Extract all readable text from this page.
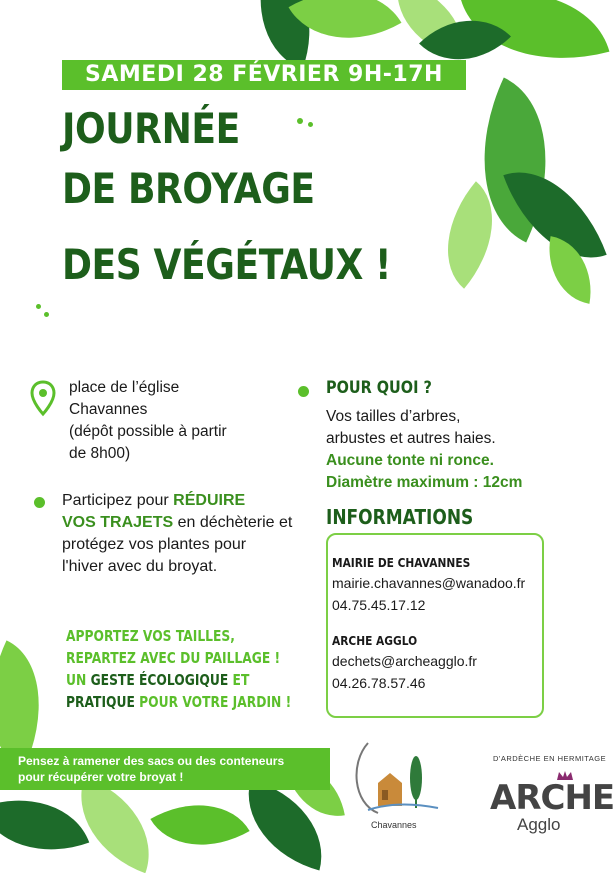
SAMEDI 28 FÉVRIER 9H-17H
JOURNÉE
DE BROYAGE
DES VÉGÉTAUX !
place de l’église
Chavannes
(dépôt possible à partir
de 8h00)
Participez pour RÉDUIRE
VOS TRAJETS en déchèterie et
protégez vos plantes pour
l'hiver avec du broyat.
POUR QUOI ?
Vos tailles d’arbres,
arbustes et autres haies.
Aucune tonte ni ronce.
Diamètre maximum : 12cm
INFORMATIONS
MAIRIE DE CHAVANNES
mairie.chavannes@wanadoo.fr
04.75.45.17.12
ARCHE AGGLO
dechets@archeagglo.fr
04.26.78.57.46
APPORTEZ VOS TAILLES,
REPARTEZ AVEC DU PAILLAGE !
UN GESTE ÉCOLOGIQUE ET
PRATIQUE POUR VOTRE JARDIN !
Pensez à ramener des sacs ou des conteneurs
pour récupérer votre broyat !
Chavannes
D'ARDÈCHE EN HERMITAGE
ARCHE
Agglo
